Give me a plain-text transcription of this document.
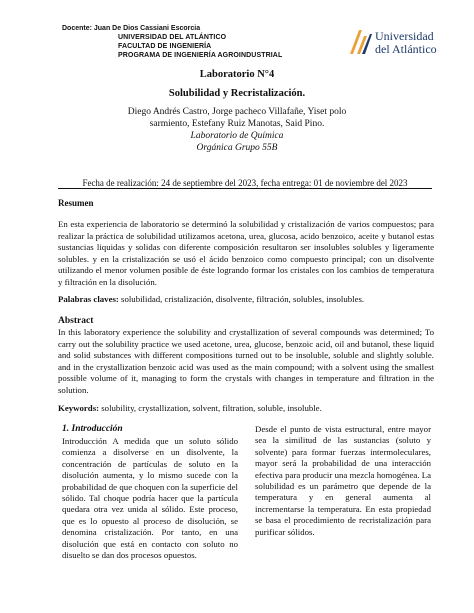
Docente: Juan De Dios Cassiani Escorcia
UNIVERSIDAD DEL ATLÁNTICO
FACULTAD DE INGENIERÍA
PROGRAMA DE INGENIERÍA AGROINDUSTRIAL
Universidad
del Atlántico
Laboratorio N°4
Solubilidad y Recristalización.
Diego Andrés Castro, Jorge pacheco Villafañe, Yiset polo
sarmiento, Estefany Ruiz Manotas, Said Pino.
Laboratorio de Química
Orgánica Grupo 55B
Fecha de realización: 24 de septiembre del 2023, fecha entrega: 01 de noviembre del 2023
Resumen
En esta experiencia de laboratorio se determinó la solubilidad y cristalización de varios compuestos; para realizar la práctica de solubilidad utilizamos acetona, urea, glucosa, acido benzoico, aceite y butanol estas sustancias liquidas y solidas con diferente composición resultaron ser insolubles solubles y ligeramente solubles. y en la cristalización se usó el ácido benzoico como compuesto principal; con un disolvente utilizando el menor volumen posible de éste logrando formar los cristales con los cambios de temperatura y filtración en la disolución.
Palabras claves: solubilidad, cristalización, disolvente, filtración, solubles, insolubles.
Abstract
In this laboratory experience the solubility and crystallization of several compounds was determined; To carry out the solubility practice we used acetone, urea, glucose, benzoic acid, oil and butanol, these liquid and solid substances with different compositions turned out to be insoluble, soluble and slightly soluble. and in the crystallization benzoic acid was used as the main compound; with a solvent using the smallest possible volume of it, managing to form the crystals with changes in temperature and filtration in the solution.
Keywords: solubility, crystallization, solvent, filtration, soluble, insoluble.
1. Introducción
Introducción A medida que un soluto sólido comienza a disolverse en un disolvente, la concentración de partículas de soluto en la disolución aumenta, y lo mismo sucede con la probabilidad de que choquen con la superficie del sólido. Tal choque podría hacer que la partícula quedara otra vez unida al sólido. Este proceso, que es lo opuesto al proceso de disolución, se denomina cristalización. Por tanto, en una disolución que está en contacto con soluto no disuelto se dan dos procesos opuestos.
Desde el punto de vista estructural, entre mayor sea la similitud de las sustancias (soluto y solvente) para formar fuerzas intermoleculares, mayor será la probabilidad de una interacción efectiva para producir una mezcla homogénea. La solubilidad es un parámetro que depende de la temperatura y en general aumenta al incrementarse la temperatura. En esta propiedad se basa el procedimiento de recristalización para purificar sólidos.
